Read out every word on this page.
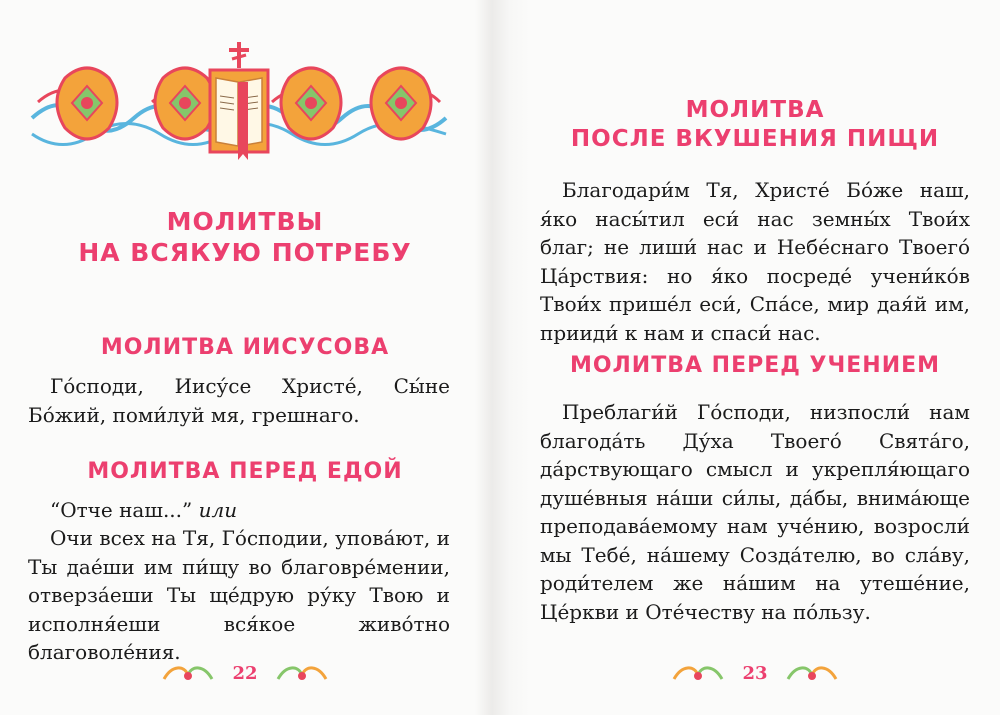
МОЛИТВЫ
НА ВСЯКУЮ ПОТРЕБУ
МОЛИТВА ИИСУСОВА

Го́споди, Иису́се Христе́, Сы́не Бо́жий, поми́луй мя, грешнаго.

МОЛИТВА ПЕРЕД ЕДОЙ

“Отче наш...” или

Очи всех на Тя, Го́сподии, упова́ют, и Ты дае́ши им пи́щу во благовре́мении, отверза́еши Ты ще́друю ру́ку Твою и исполня́еши вся́кое живо́тно благоволе́ния.

22
МОЛИТВА
ПОСЛЕ ВКУШЕНИЯ ПИЩИ

Благодари́м Тя, Христе́ Бо́же наш, я́ко насы́тил еси́ нас земны́х Твои́х благ; не лиши́ нас и Небе́снаго Твоего́ Ца́рствия: но я́ко посреде́ учени́ко́в Твои́х прише́л еси́, Спа́се, мир дая́й им, прииди́ к нам и спаси́ нас.

МОЛИТВА ПЕРЕД УЧЕНИЕМ

Преблаги́й Го́споди, низпосли́ нам благода́ть Ду́ха Твоего́ Свята́го, да́рствующаго смысл и укрепля́ющаго душе́вныя на́ши си́лы, да́бы, внима́юще преподава́емому нам уче́нию, возросли́ мы Тебе́, на́шему Созда́телю, во сла́ву, роди́телем же на́шим на утеше́ние, Це́ркви и Оте́честву на по́льзу.

23
